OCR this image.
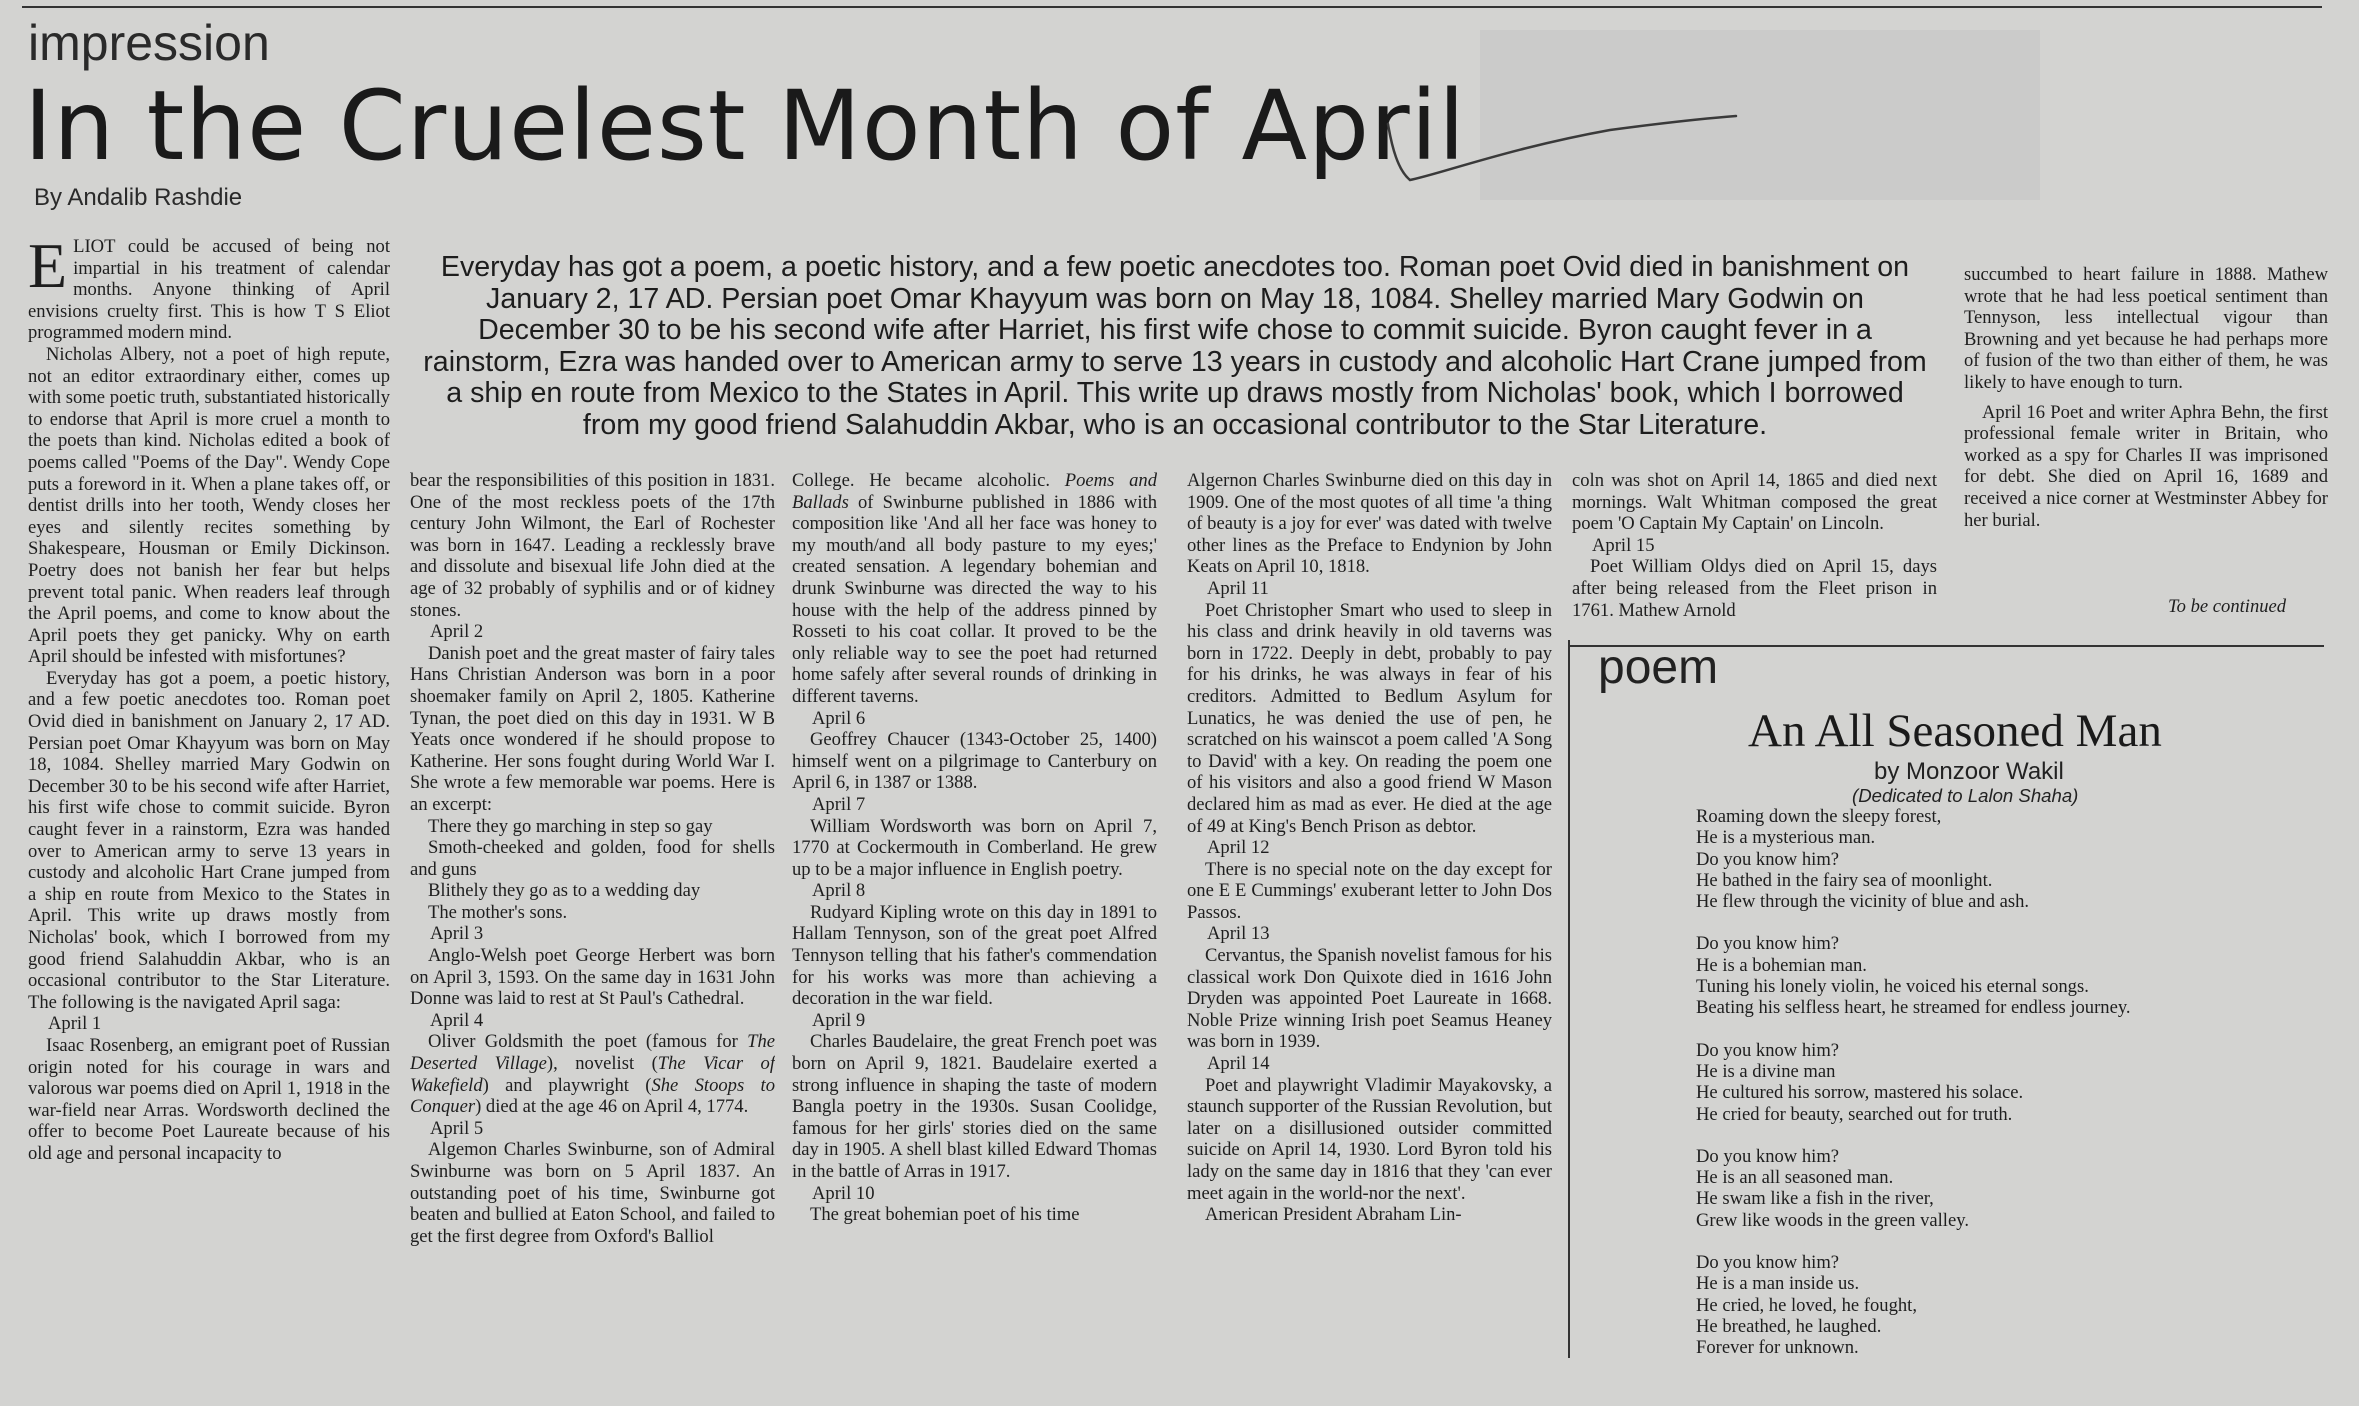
impression
In the Cruelest Month of April
By Andalib Rashdie
Everyday has got a poem, a poetic history, and a few poetic anecdotes too. Roman poet Ovid died in banishment on January 2, 17 AD. Persian poet Omar Khayyum was born on May 18, 1084. Shelley married Mary Godwin on December 30 to be his second wife after Harriet, his first wife chose to commit suicide. Byron caught fever in a rainstorm, Ezra was handed over to American army to serve 13 years in custody and alcoholic Hart Crane jumped from a ship en route from Mexico to the States in April. This write up draws mostly from Nicholas' book, which I borrowed from my good friend Salahuddin Akbar, who is an occasional contributor to the Star Literature.

ELIOT could be accused of being not impartial in his treatment of calendar months. Anyone thinking of April envisions cruelty first. This is how T S Eliot programmed modern mind.

Nicholas Albery, not a poet of high repute, not an editor extraordinary either, comes up with some poetic truth, substantiated historically to endorse that April is more cruel a month to the poets than kind. Nicholas edited a book of poems called "Poems of the Day". Wendy Cope puts a foreword in it. When a plane takes off, or dentist drills into her tooth, Wendy closes her eyes and silently recites something by Shakespeare, Housman or Emily Dickinson. Poetry does not banish her fear but helps prevent total panic. When readers leaf through the April poems, and come to know about the April poets they get panicky. Why on earth April should be infested with misfortunes?

Everyday has got a poem, a poetic history, and a few poetic anecdotes too. Roman poet Ovid died in banishment on January 2, 17 AD. Persian poet Omar Khayyum was born on May 18, 1084. Shelley married Mary Godwin on December 30 to be his second wife after Harriet, his first wife chose to commit suicide. Byron caught fever in a rainstorm, Ezra was handed over to American army to serve 13 years in custody and alcoholic Hart Crane jumped from a ship en route from Mexico to the States in April. This write up draws mostly from Nicholas' book, which I borrowed from my good friend Salahuddin Akbar, who is an occasional contributor to the Star Literature. The following is the navigated April saga:

April 1

Isaac Rosenberg, an emigrant poet of Russian origin noted for his courage in wars and valorous war poems died on April 1, 1918 in the war-field near Arras. Wordsworth declined the offer to become Poet Laureate because of his old age and personal incapacity to

bear the responsibilities of this position in 1831. One of the most reckless poets of the 17th century John Wilmont, the Earl of Rochester was born in 1647. Leading a recklessly brave and dissolute and bisexual life John died at the age of 32 probably of syphilis and or of kidney stones.

April 2

Danish poet and the great master of fairy tales Hans Christian Anderson was born in a poor shoemaker family on April 2, 1805. Katherine Tynan, the poet died on this day in 1931. W B Yeats once wondered if he should propose to Katherine. Her sons fought during World War I. She wrote a few memorable war poems. Here is an excerpt:

There they go marching in step so gay

Smoth-cheeked and golden, food for shells and guns

Blithely they go as to a wedding day

The mother's sons.

April 3

Anglo-Welsh poet George Herbert was born on April 3, 1593. On the same day in 1631 John Donne was laid to rest at St Paul's Cathedral.

April 4

Oliver Goldsmith the poet (famous for The Deserted Village), novelist (The Vicar of Wakefield) and playwright (She Stoops to Conquer) died at the age 46 on April 4, 1774.

April 5

Algemon Charles Swinburne, son of Admiral Swinburne was born on 5 April 1837. An outstanding poet of his time, Swinburne got beaten and bullied at Eaton School, and failed to get the first degree from Oxford's Balliol

College. He became alcoholic. Poems and Ballads of Swinburne published in 1886 with composition like 'And all her face was honey to my mouth/and all body pasture to my eyes;' created sensation. A legendary bohemian and drunk Swinburne was directed the way to his house with the help of the address pinned by Rosseti to his coat collar. It proved to be the only reliable way to see the poet had returned home safely after several rounds of drinking in different taverns.

April 6

Geoffrey Chaucer (1343-October 25, 1400) himself went on a pilgrimage to Canterbury on April 6, in 1387 or 1388.

April 7

William Wordsworth was born on April 7, 1770 at Cockermouth in Comberland. He grew up to be a major influence in English poetry.

April 8

Rudyard Kipling wrote on this day in 1891 to Hallam Tennyson, son of the great poet Alfred Tennyson telling that his father's commendation for his works was more than achieving a decoration in the war field.

April 9

Charles Baudelaire, the great French poet was born on April 9, 1821. Baudelaire exerted a strong influence in shaping the taste of modern Bangla poetry in the 1930s. Susan Coolidge, famous for her girls' stories died on the same day in 1905. A shell blast killed Edward Thomas in the battle of Arras in 1917.

April 10

The great bohemian poet of his time

Algernon Charles Swinburne died on this day in 1909. One of the most quotes of all time 'a thing of beauty is a joy for ever' was dated with twelve other lines as the Preface to Endynion by John Keats on April 10, 1818.

April 11

Poet Christopher Smart who used to sleep in his class and drink heavily in old taverns was born in 1722. Deeply in debt, probably to pay for his drinks, he was always in fear of his creditors. Admitted to Bedlum Asylum for Lunatics, he was denied the use of pen, he scratched on his wainscot a poem called 'A Song to David' with a key. On reading the poem one of his visitors and also a good friend W Mason declared him as mad as ever. He died at the age of 49 at King's Bench Prison as debtor.

April 12

There is no special note on the day except for one E E Cummings' exuberant letter to John Dos Passos.

April 13

Cervantus, the Spanish novelist famous for his classical work Don Quixote died in 1616 John Dryden was appointed Poet Laureate in 1668. Noble Prize winning Irish poet Seamus Heaney was born in 1939.

April 14

Poet and playwright Vladimir Mayakovsky, a staunch supporter of the Russian Revolution, but later on a disillusioned outsider committed suicide on April 14, 1930. Lord Byron told his lady on the same day in 1816 that they 'can ever meet again in the world-nor the next'.

American President Abraham Lin-

coln was shot on April 14, 1865 and died next mornings. Walt Whitman composed the great poem 'O Captain My Captain' on Lincoln.

April 15

Poet William Oldys died on April 15, days after being released from the Fleet prison in 1761. Mathew Arnold

succumbed to heart failure in 1888. Mathew wrote that he had less poetical sentiment than Tennyson, less intellectual vigour than Browning and yet because he had perhaps more of fusion of the two than either of them, he was likely to have enough to turn.

April 16 Poet and writer Aphra Behn, the first professional female writer in Britain, who worked as a spy for Charles II was imprisoned for debt. She died on April 16, 1689 and received a nice corner at Westminster Abbey for her burial.

To be continued
poem
An All Seasoned Man
by Monzoor Wakil
(Dedicated to Lalon Shaha)
Roaming down the sleepy forest,
He is a mysterious man.
Do you know him?
He bathed in the fairy sea of moonlight.
He flew through the vicinity of blue and ash.
Do you know him?
He is a bohemian man.
Tuning his lonely violin, he voiced his eternal songs.
Beating his selfless heart, he streamed for endless journey.
Do you know him?
He is a divine man
He cultured his sorrow, mastered his solace.
He cried for beauty, searched out for truth.
Do you know him?
He is an all seasoned man.
He swam like a fish in the river,
Grew like woods in the green valley.
Do you know him?
He is a man inside us.
He cried, he loved, he fought,
He breathed, he laughed.
Forever for unknown.
